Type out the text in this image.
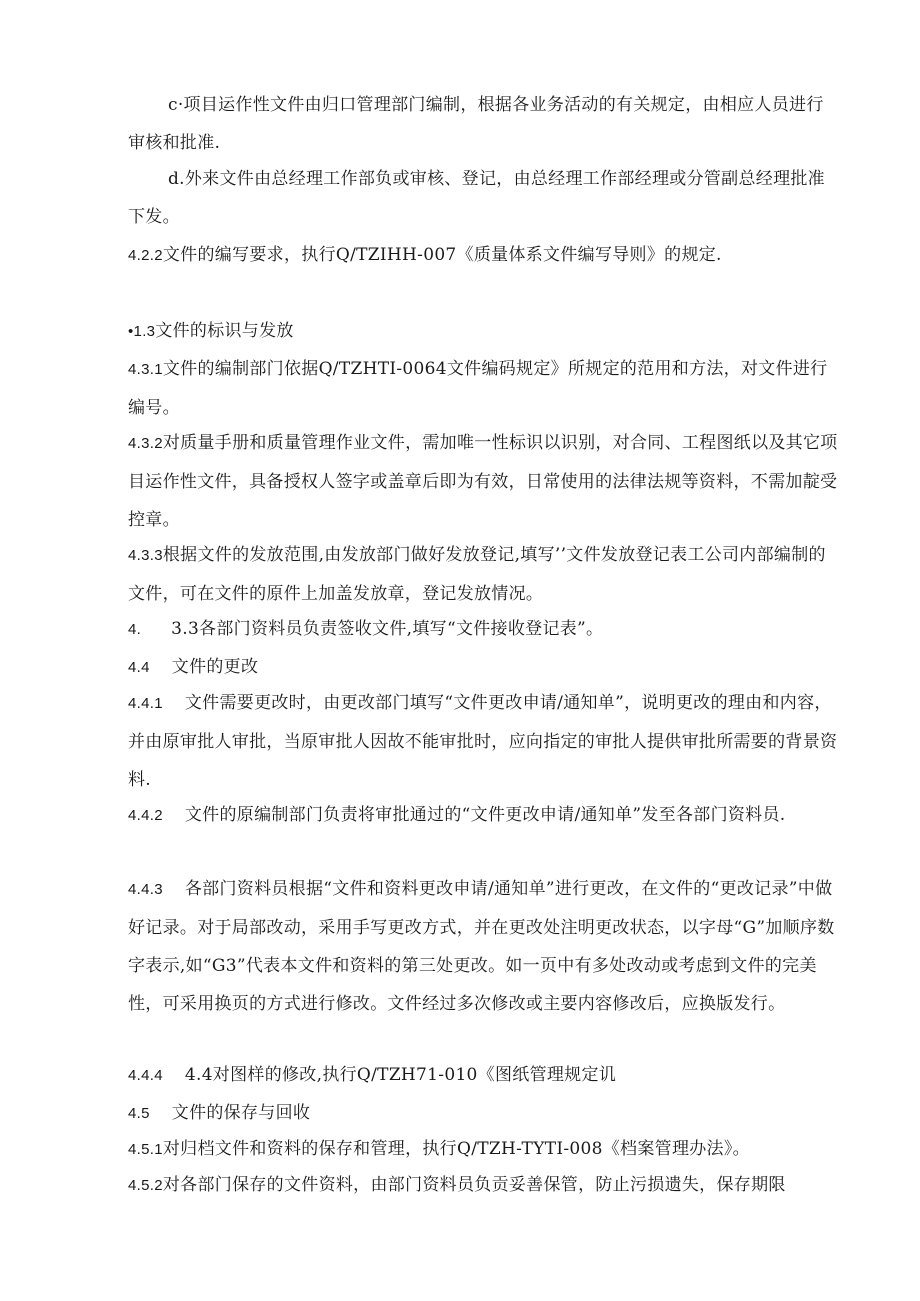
c·项目运作性文件由归口管理部门编制，根据各业务活动的有关规定，由相应人员进行审核和批准.

d.外来文件由总经理工作部负或审核、登记，由总经理工作部经理或分管副总经理批准下发。

4.2.2文件的编写要求，执行Q/TZIHH-007《质量体系文件编写导则》的规定.

•1.3文件的标识与发放

4.3.1文件的编制部门依据Q/TZHTI-0064文件编码规定》所规定的范用和方法，对文件进行编号。

4.3.2对质量手册和质量管理作业文件，需加唯一性标识以识别，对合同、工程图纸以及其它项目运作性文件，具备授权人签字或盖章后即为有效，日常使用的法律法规等资料，不需加靛受控章。

4.3.3根据文件的发放范围,由发放部门做好发放登记,填写’’文件发放登记表工公司内部编制的文件，可在文件的原件上加盖发放章，登记发放情况。

4. 3.3各部门资料员负责签收文件,填写“文件接收登记表”。

4.4 文件的更改

4.4.1 文件需要更改时，由更改部门填写“文件更改申请/通知单”，说明更改的理由和内容，并由原审批人审批，当原审批人因故不能审批时，应向指定的审批人提供审批所需要的背景资料.

4.4.2 文件的原编制部门负责将审批通过的“文件更改申请/通知单”发至各部门资料员.

4.4.3 各部门资料员根据“文件和资料更改申请/通知单”进行更改，在文件的“更改记录”中做好记录。对于局部改动，采用手写更改方式，并在更改处注明更改状态，以字母“G”加顺序数字表示,如“G3”代表本文件和资料的第三处更改。如一页中有多处改动或考虑到文件的完美性，可采用换页的方式进行修改。文件经过多次修改或主要内容修改后，应换版发行。

4.4.4 4.4对图样的修改,执行Q/TZH71-010《图纸管理规定讥

4.5 文件的保存与回收

4.5.1对归档文件和资料的保存和管理，执行Q/TZH-TYTI-008《档案管理办法》。

4.5.2对各部门保存的文件资料，由部门资料员负贡妥善保管，防止污损遗失，保存期限
